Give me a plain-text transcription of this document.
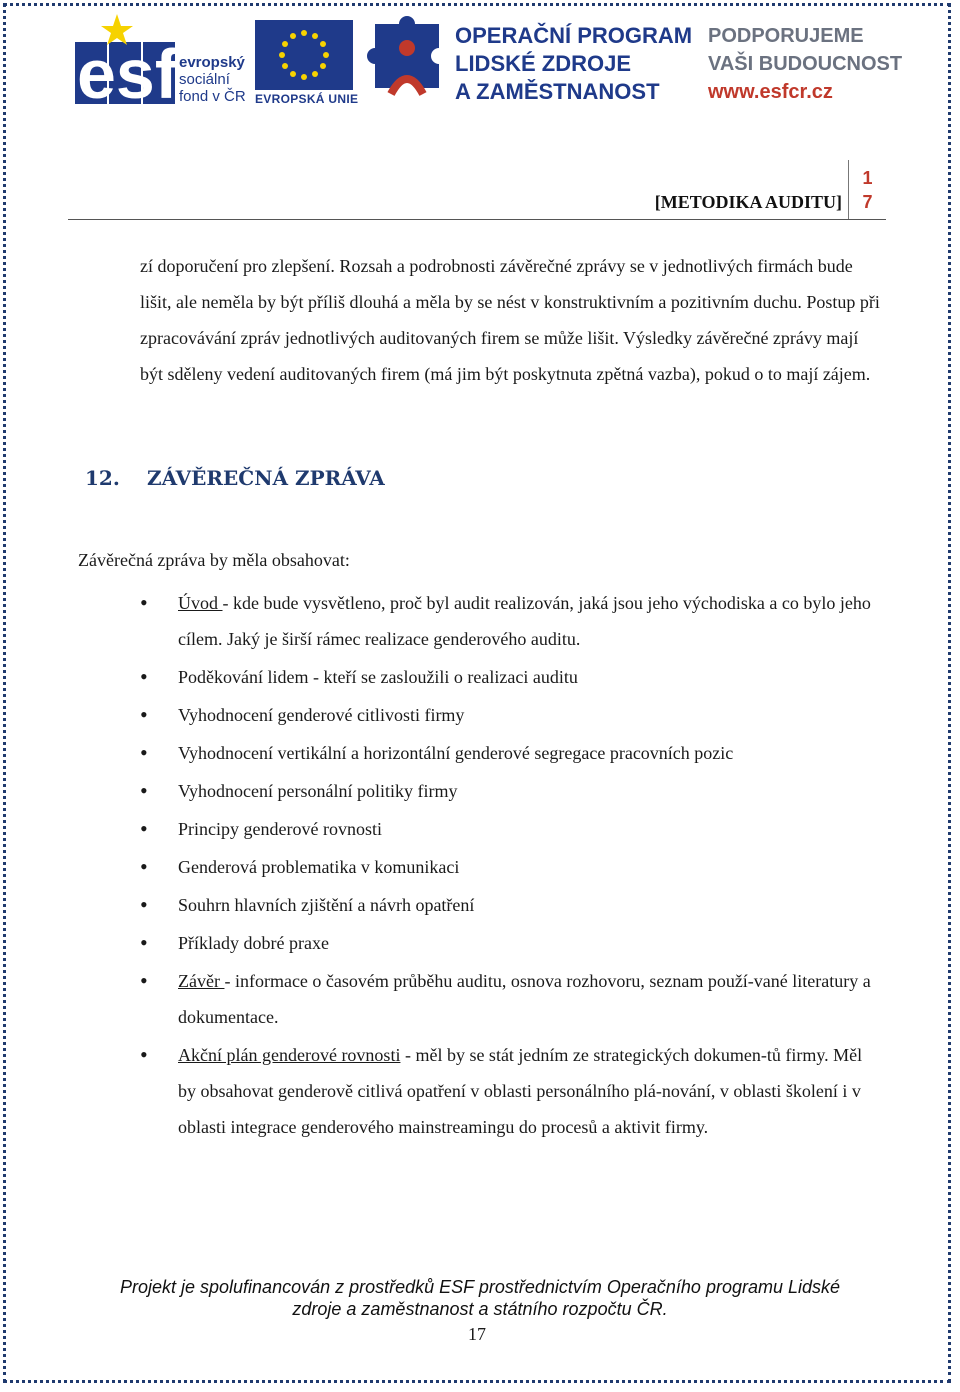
esf evropský
sociální
fond v ČR EVROPSKÁ UNIE
OPERAČNÍ PROGRAM
LIDSKÉ ZDROJE
A ZAMĚSTNANOST
PODPORUJEME
VAŠI BUDOUCNOST
www.esfcr.cz
[METODIKA AUDITU]
1
7

zí doporučení pro zlepšení. Rozsah a podrobnosti závěrečné zprávy se v jednotlivých firmách bude lišit, ale neměla by být příliš dlouhá a měla by se nést v konstruktivním a pozitivním duchu. Postup při zpracovávání zpráv jednotlivých auditovaných firem se může lišit. Výsledky závěrečné zprávy mají být sděleny vedení auditovaných firem (má jim být poskytnuta zpětná vazba), pokud o to mají zájem.

12. ZÁVĚREČNÁ ZPRÁVA
Závěrečná zpráva by měla obsahovat:
• Úvod - kde bude vysvětleno, proč byl audit realizován, jaká jsou jeho východiska a co bylo jeho cílem. Jaký je širší rámec realizace genderového auditu.
• Poděkování lidem - kteří se zasloužili o realizaci auditu
• Vyhodnocení genderové citlivosti firmy
• Vyhodnocení vertikální a horizontální genderové segregace pracovních pozic
• Vyhodnocení personální politiky firmy
• Principy genderové rovnosti
• Genderová problematika v komunikaci
• Souhrn hlavních zjištění a návrh opatření
• Příklady dobré praxe
• Závěr - informace o časovém průběhu auditu, osnova rozhovoru, seznam použí-vané literatury a dokumentace.
• Akční plán genderové rovnosti - měl by se stát jedním ze strategických dokumen-tů firmy. Měl by obsahovat genderově citlivá opatření v oblasti personálního plá-nování, v oblasti školení i v oblasti integrace genderového mainstreamingu do procesů a aktivit firmy.
Projekt je spolufinancován z prostředků ESF prostřednictvím Operačního programu Lidské
zdroje a zaměstnanost a státního rozpočtu ČR.
17
